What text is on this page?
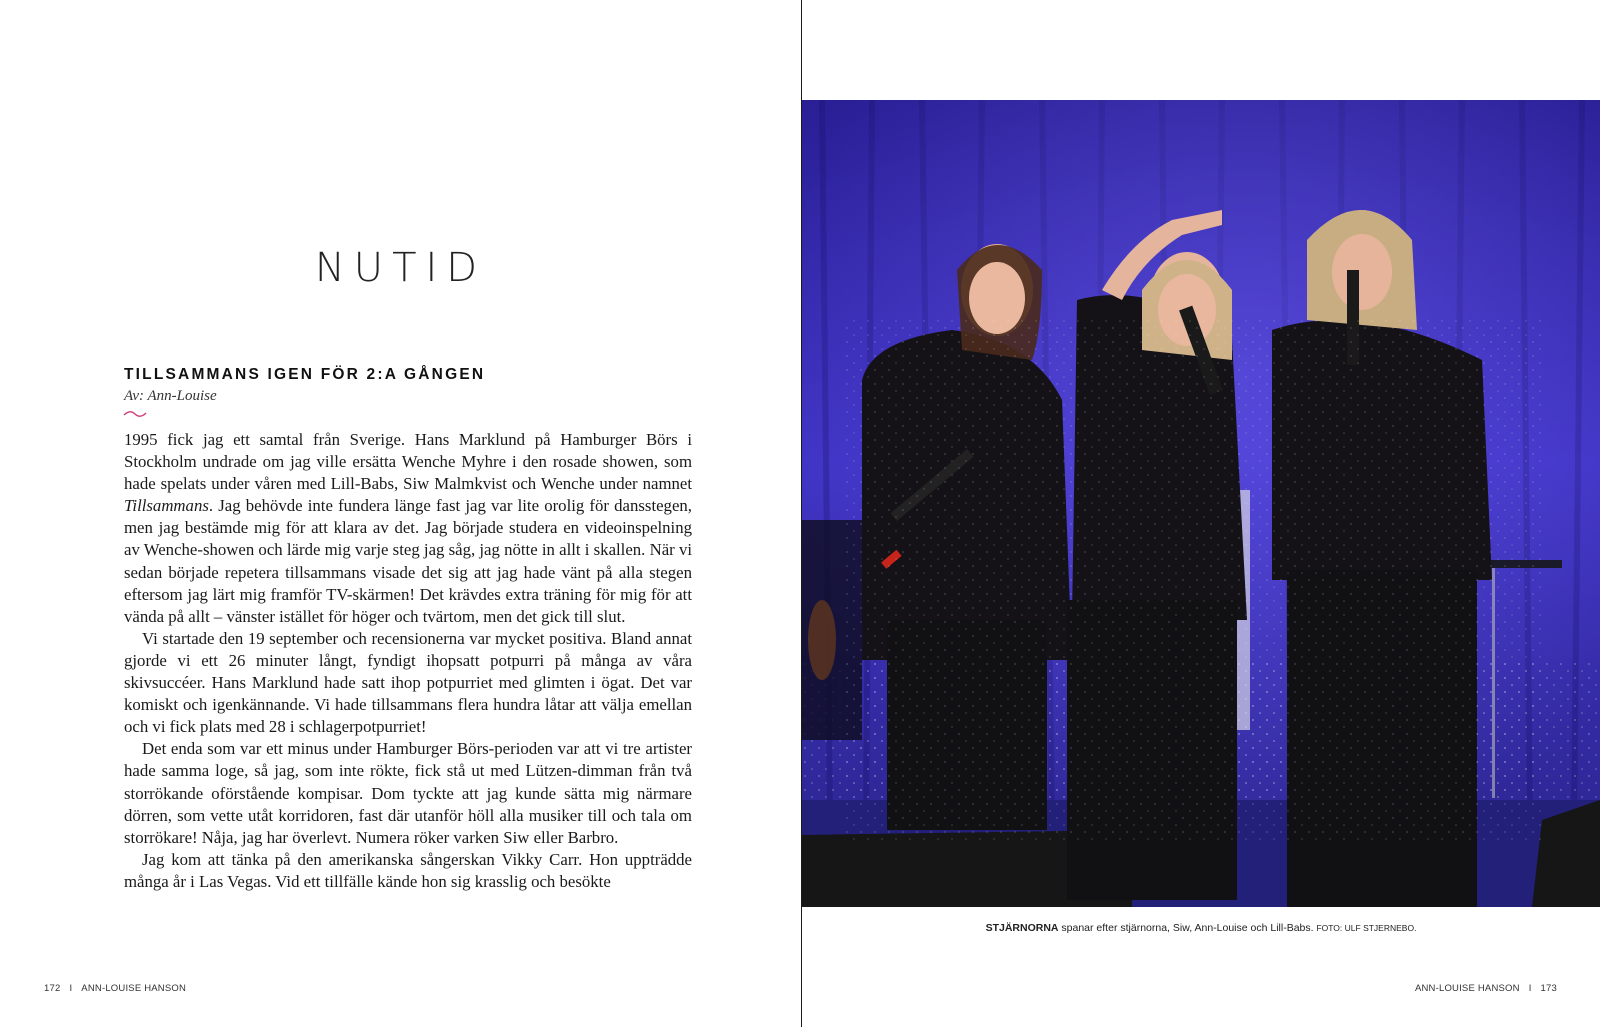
NUTID
TILLSAMMANS IGEN FÖR 2:A GÅNGEN
Av: Ann-Louise

1995 fick jag ett samtal från Sverige. Hans Marklund på Hamburger Börs i Stockholm undrade om jag ville ersätta Wenche Myhre i den rosade showen, som hade spelats under våren med Lill-Babs, Siw Malmkvist och Wenche under namnet Tillsammans. Jag behövde inte fundera länge fast jag var lite orolig för dansstegen, men jag bestämde mig för att klara av det. Jag började studera en videoinspelning av Wenche-showen och lärde mig varje steg jag såg, jag nötte in allt i skallen. När vi sedan började repetera tillsammans visade det sig att jag hade vänt på alla stegen eftersom jag lärt mig framför TV-skärmen! Det krävdes extra träning för mig för att vända på allt – vänster istället för höger och tvärtom, men det gick till slut.

Vi startade den 19 september och recensionerna var mycket positiva. Bland annat gjorde vi ett 26 minuter långt, fyndigt ihopsatt potpurri på många av våra skivsuccéer. Hans Marklund hade satt ihop potpurriet med glimten i ögat. Det var komiskt och igenkännande. Vi hade tillsammans flera hundra låtar att välja emellan och vi fick plats med 28 i schlagerpotpurriet!

Det enda som var ett minus under Hamburger Börs-perioden var att vi tre artister hade samma loge, så jag, som inte rökte, fick stå ut med Lützen-dimman från två storrökande oförstående kompisar. Dom tyckte att jag kunde sätta mig närmare dörren, som vette utåt korridoren, fast där utanför höll alla musiker till och tala om storrökare! Nåja, jag har överlevt. Numera röker varken Siw eller Barbro.

Jag kom att tänka på den amerikanska sångerskan Vikky Carr. Hon uppträdde många år i Las Vegas. Vid ett tillfälle kände hon sig krasslig och besökte

172 I ANN-LOUISE HANSON
STJÄRNORNA spanar efter stjärnorna, Siw, Ann-Louise och Lill-Babs. FOTO: ULF STJERNEBO.
ANN-LOUISE HANSON I 173
